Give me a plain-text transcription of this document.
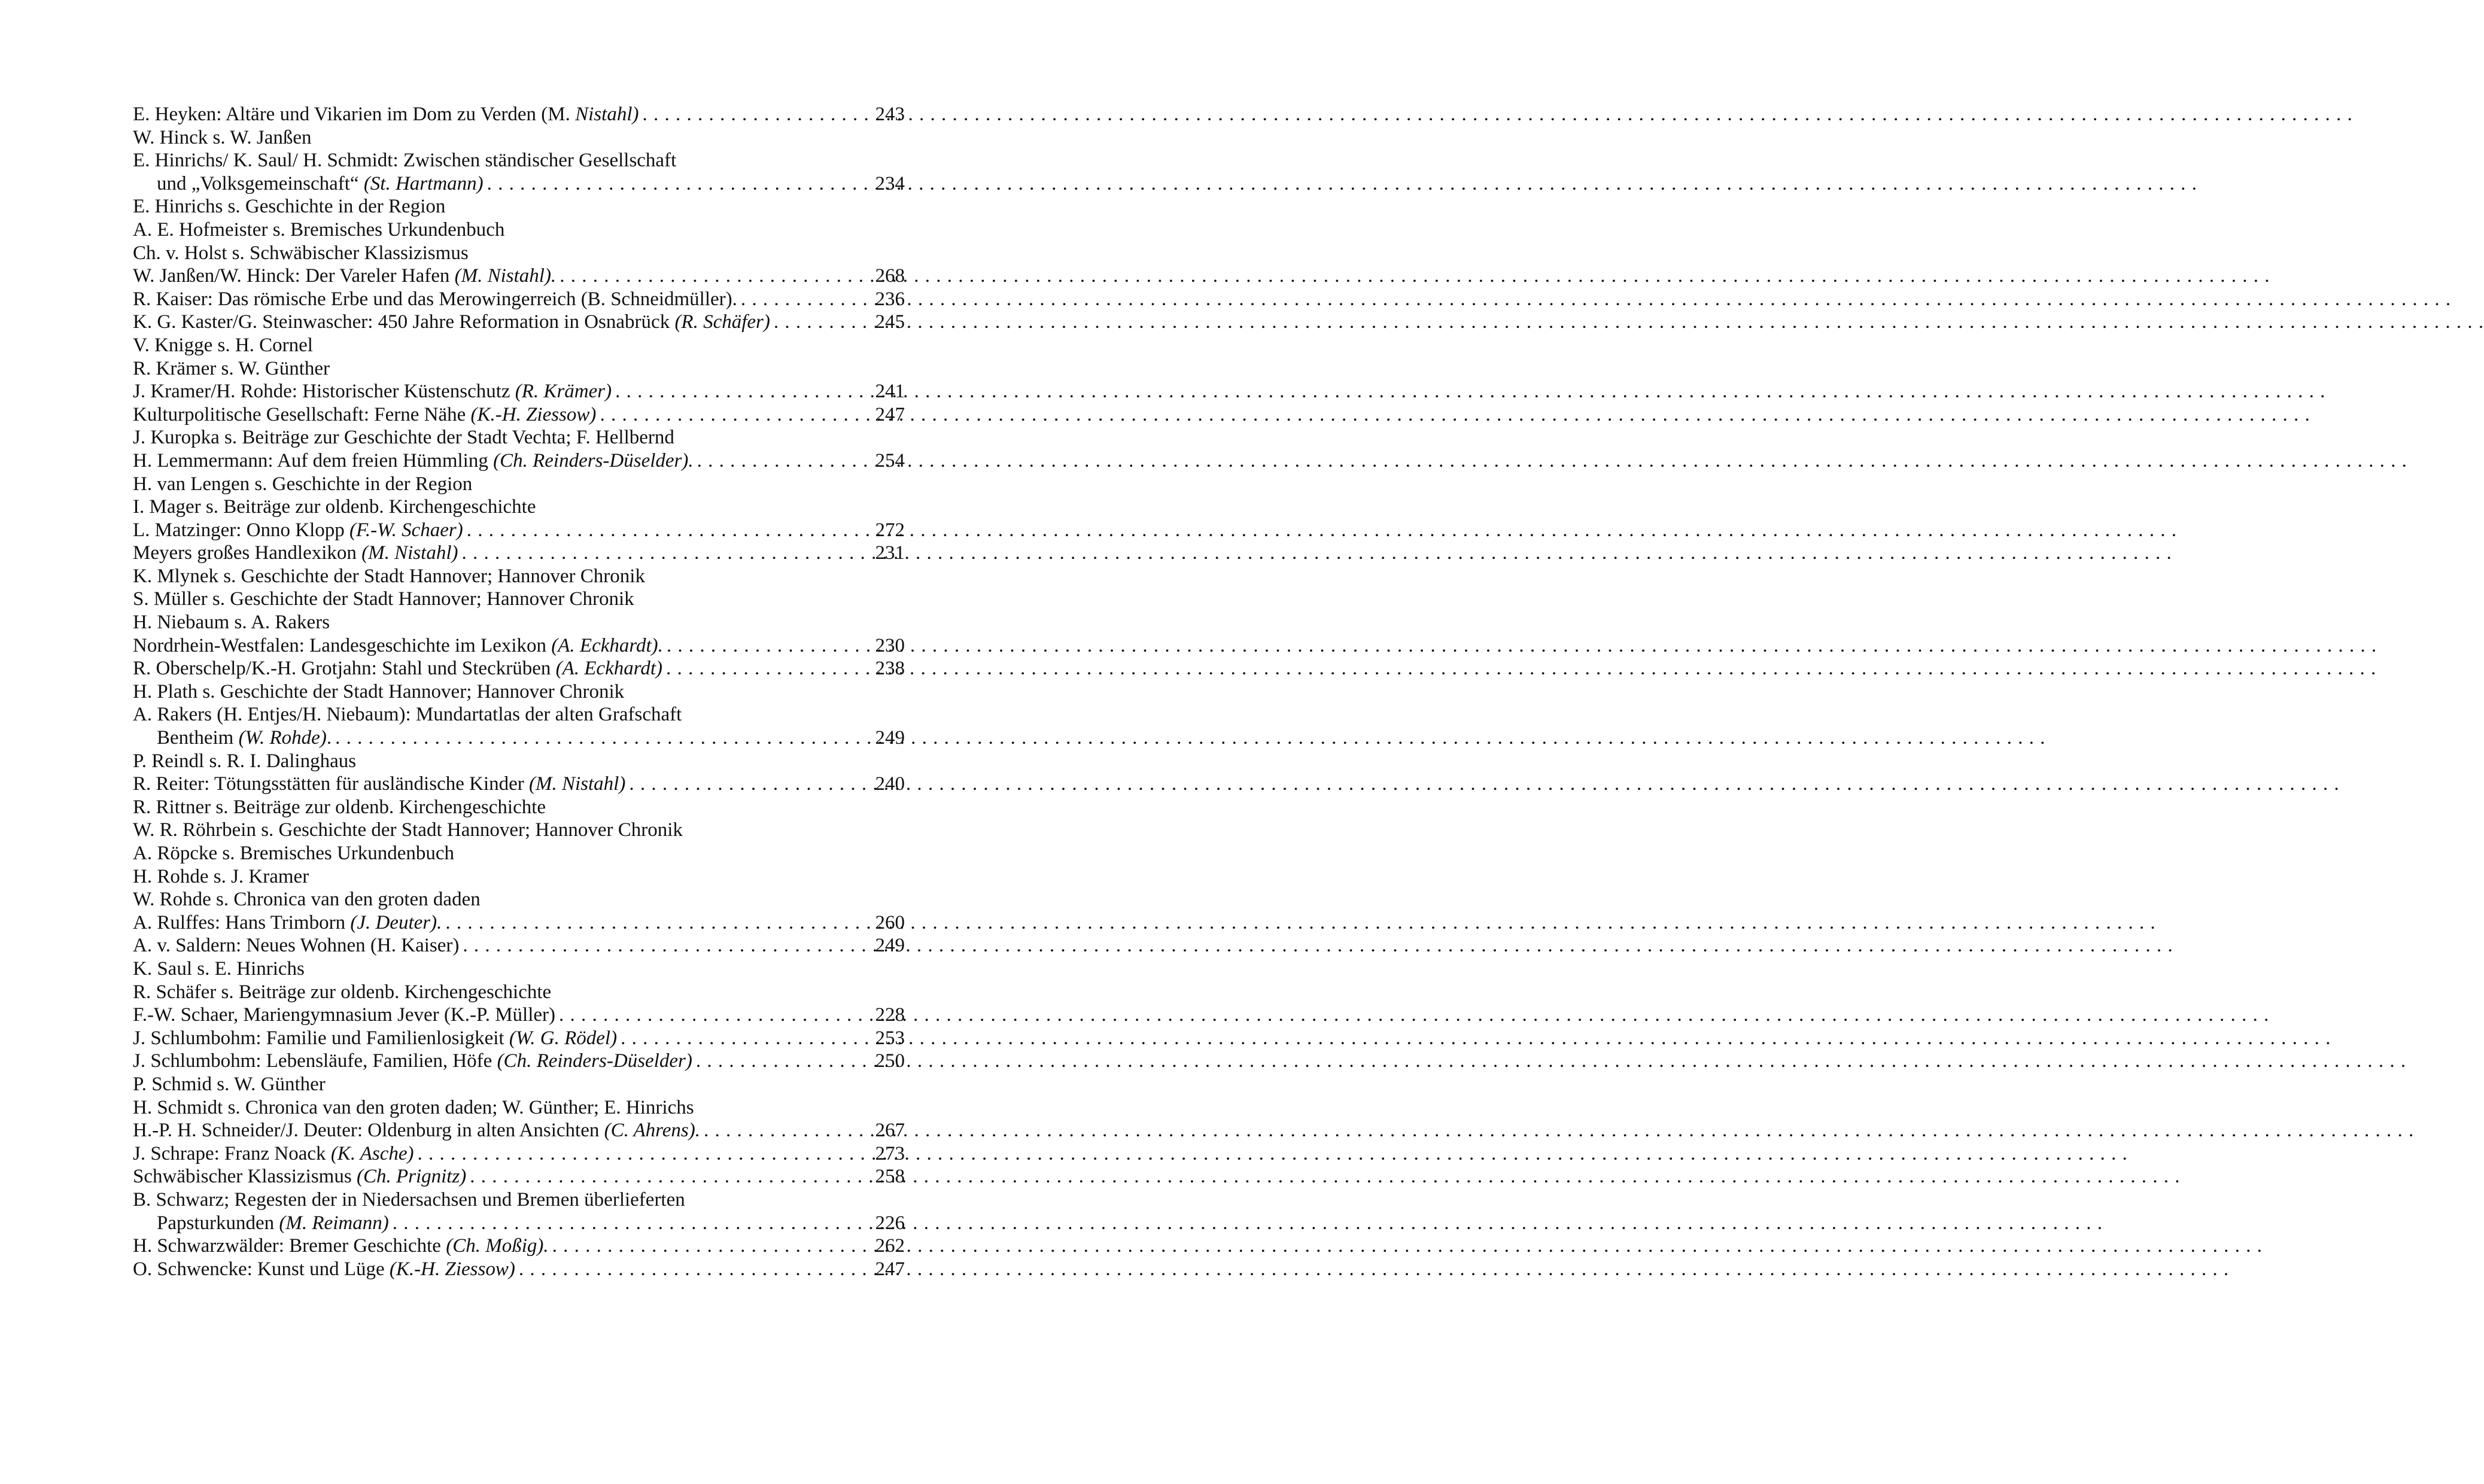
E. Heyken: Altäre und Vikarien im Dom zu Verden (M. Nistahl) . . .	243
W. Hinck s. W. Janßen
E. Hinrichs/ K. Saul/ H. Schmidt: Zwischen ständischer Gesellschaft
und „Volksgemeinschaft“ (St. Hartmann) . . .	234
E. Hinrichs s. Geschichte in der Region
A. E. Hofmeister s. Bremisches Urkundenbuch
Ch. v. Holst s. Schwäbischer Klassizismus
W. Janßen/W. Hinck: Der Vareler Hafen (M. Nistahl). . . .	268
R. Kaiser: Das römische Erbe und das Merowingerreich (B. Schneidmüller). . . .	236
K. G. Kaster/G. Steinwascher: 450 Jahre Reformation in Osnabrück (R. Schäfer) . . .	245
V. Knigge s. H. Cornel
R. Krämer s. W. Günther
J. Kramer/H. Rohde: Historischer Küstenschutz (R. Krämer) . . .	241
Kulturpolitische Gesellschaft: Ferne Nähe (K.-H. Ziessow) . . .	247
J. Kuropka s. Beiträge zur Geschichte der Stadt Vechta; F. Hellbernd
H. Lemmermann: Auf dem freien Hümmling (Ch. Reinders-Düselder). . . .	254
H. van Lengen s. Geschichte in der Region
I. Mager s. Beiträge zur oldenb. Kirchengeschichte
L. Matzinger: Onno Klopp (F.-W. Schaer) . . .	272
Meyers großes Handlexikon (M. Nistahl) . . .	231
K. Mlynek s. Geschichte der Stadt Hannover; Hannover Chronik
S. Müller s. Geschichte der Stadt Hannover; Hannover Chronik
H. Niebaum s. A. Rakers
Nordrhein-Westfalen: Landesgeschichte im Lexikon (A. Eckhardt). . . .	230
R. Oberschelp/K.-H. Grotjahn: Stahl und Steckrüben (A. Eckhardt) . . .	238
H. Plath s. Geschichte der Stadt Hannover; Hannover Chronik
A. Rakers (H. Entjes/H. Niebaum): Mundartatlas der alten Grafschaft
Bentheim (W. Rohde). . . .	249
P. Reindl s. R. I. Dalinghaus
R. Reiter: Tötungsstätten für ausländische Kinder (M. Nistahl) . . .	240
R. Rittner s. Beiträge zur oldenb. Kirchengeschichte
W. R. Röhrbein s. Geschichte der Stadt Hannover; Hannover Chronik
A. Röpcke s. Bremisches Urkundenbuch
H. Rohde s. J. Kramer
W. Rohde s. Chronica van den groten daden
A. Rulffes: Hans Trimborn (J. Deuter). . . .	260
A. v. Saldern: Neues Wohnen (H. Kaiser) . . .	249
K. Saul s. E. Hinrichs
R. Schäfer s. Beiträge zur oldenb. Kirchengeschichte
F.-W. Schaer, Mariengymnasium Jever (K.-P. Müller) . . .	228
J. Schlumbohm: Familie und Familienlosigkeit (W. G. Rödel) . . .	253
J. Schlumbohm: Lebensläufe, Familien, Höfe (Ch. Reinders-Düselder) . . .	250
P. Schmid s. W. Günther
H. Schmidt s. Chronica van den groten daden; W. Günther; E. Hinrichs
H.-P. H. Schneider/J. Deuter: Oldenburg in alten Ansichten (C. Ahrens). . . .	267
J. Schrape: Franz Noack (K. Asche) . . .	273
Schwäbischer Klassizismus (Ch. Prignitz) . . .	258
B. Schwarz; Regesten der in Niedersachsen und Bremen überlieferten
Papsturkunden (M. Reimann) . . .	226
H. Schwarzwälder: Bremer Geschichte (Ch. Moßig). . . .	262
O. Schwencke: Kunst und Lüge (K.-H. Ziessow) . . .	247
